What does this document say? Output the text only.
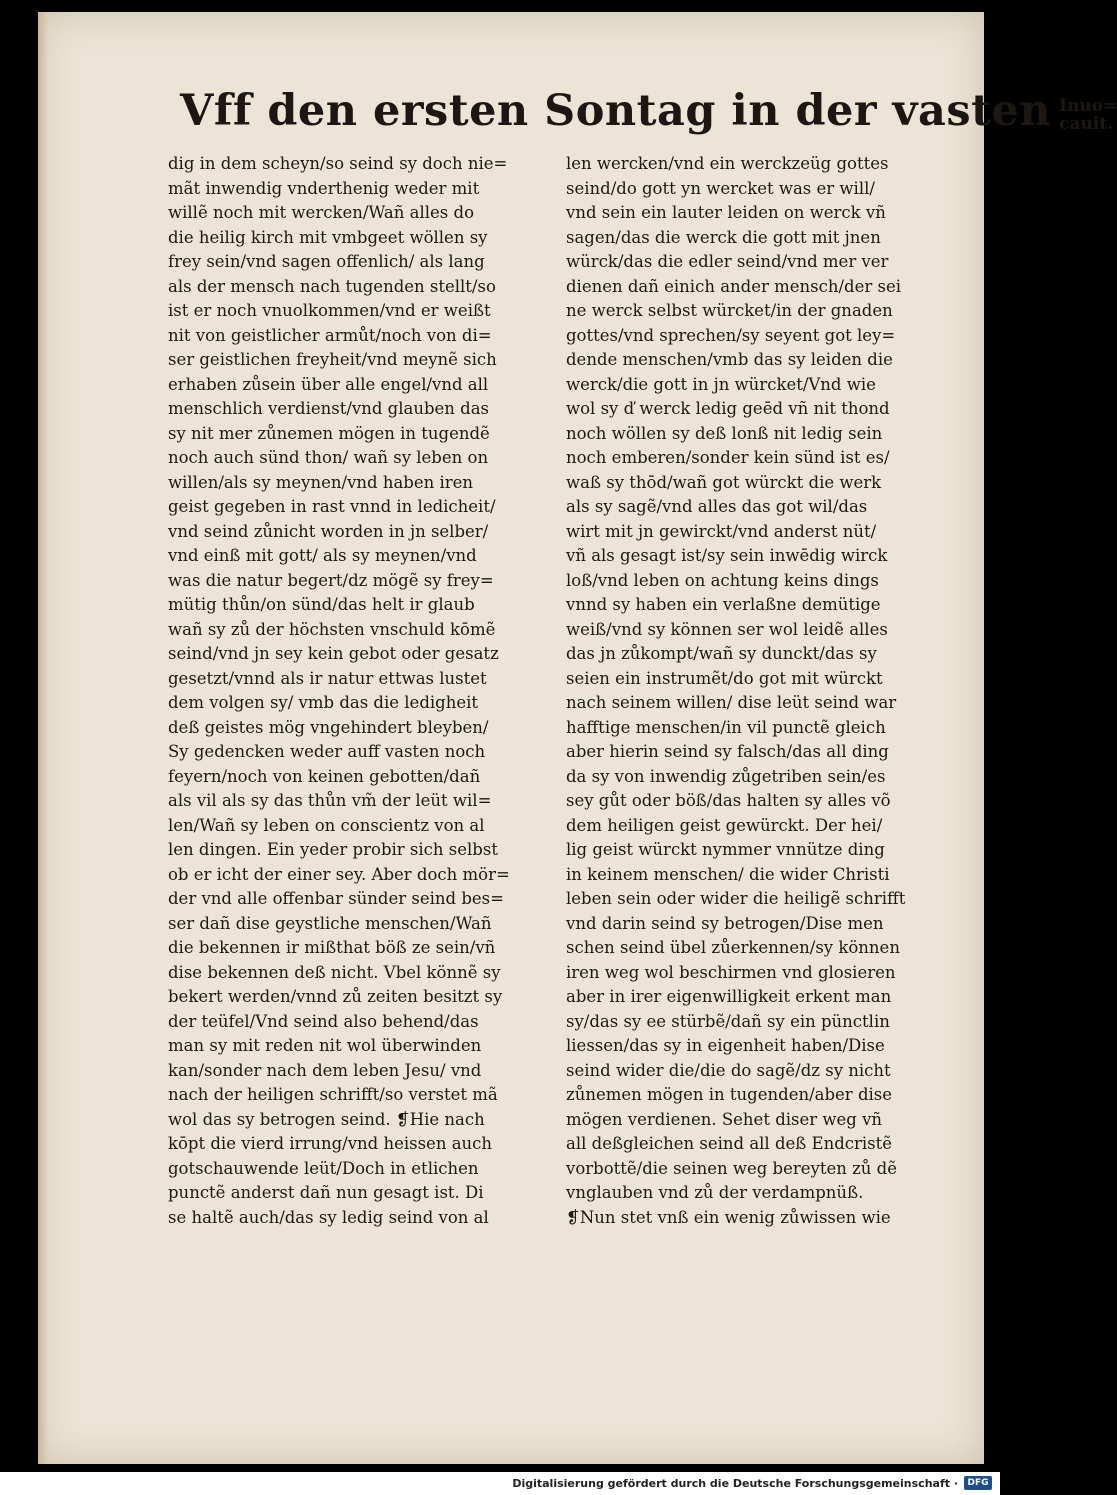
Vff den ersten Sontag in der vasten Inuo=
cauit.
dig in dem scheyn/so seind sy doch nie=
mãt inwendig vnderthenig weder mit
willẽ noch mit wercken/Wañ alles do
die heilig kirch mit vmbgeet wöllen sy
frey sein/vnd sagen offenlich/ als lang
als der mensch nach tugenden stellt/so
ist er noch vnuolkommen/vnd er weißt
nit von geistlicher armůt/noch von di=
ser geistlichen freyheit/vnd meynẽ sich
erhaben zůsein über alle engel/vnd all
menschlich verdienst/vnd glauben das
sy nit mer zůnemen mögen in tugendẽ
noch auch sünd thon/ wañ sy leben on
willen/als sy meynen/vnd haben iren
geist gegeben in rast vnnd in ledicheit/
vnd seind zůnicht worden in jn selber/
vnd einß mit gott/ als sy meynen/vnd
was die natur begert/dz mögẽ sy frey=
mütig thůn/on sünd/das helt ir glaub
wañ sy zů der höchsten vnschuld kōmẽ
seind/vnd jn sey kein gebot oder gesatz
gesetzt/vnnd als ir natur ettwas lustet
dem volgen sy/ vmb das die ledigheit
deß geistes mög vngehindert bleyben/
Sy gedencken weder auff vasten noch
feyern/noch von keinen gebotten/dañ
als vil als sy das thůn vm̃ der leüt wil=
len/Wañ sy leben on conscientz von al
len dingen. Ein yeder probir sich selbst
ob er icht der einer sey. Aber doch mör=
der vnd alle offenbar sünder seind bes=
ser dañ dise geystliche menschen/Wañ
die bekennen ir mißthat böß ze sein/vñ
dise bekennen deß nicht. Vbel könnẽ sy
bekert werden/vnnd zů zeiten besitzt sy
der teüfel/Vnd seind also behend/das
man sy mit reden nit wol überwinden
kan/sonder nach dem leben Jesu/ vnd
nach der heiligen schrifft/so verstet mã
wol das sy betrogen seind. ❡Hie nach
kōpt die vierd irrung/vnd heissen auch
gotschauwende leüt/Doch in etlichen
punctẽ anderst dañ nun gesagt ist. Di
se haltẽ auch/das sy ledig seind von al
len wercken/vnd ein werckzeüg gottes
seind/do gott yn wercket was er will/
vnd sein ein lauter leiden on werck vñ
sagen/das die werck die gott mit jnen
würck/das die edler seind/vnd mer ver
dienen dañ einich ander mensch/der sei
ne werck selbst würcket/in der gnaden
gottes/vnd sprechen/sy seyent got ley=
dende menschen/vmb das sy leiden die
werck/die gott in jn würcket/Vnd wie
wol sy ď werck ledig geēd vñ nit thond
noch wöllen sy deß lonß nit ledig sein
noch emberen/sonder kein sünd ist es/
waß sy thōd/wañ got würckt die werk
als sy sagẽ/vnd alles das got wil/das
wirt mit jn gewirckt/vnd anderst nüt/
vñ als gesagt ist/sy sein inwēdig wirck
loß/vnd leben on achtung keins dings
vnnd sy haben ein verlaßne demütige
weiß/vnd sy können ser wol leidẽ alles
das jn zůkompt/wañ sy dunckt/das sy
seien ein instrumẽt/do got mit würckt
nach seinem willen/ dise leüt seind war
hafftige menschen/in vil punctẽ gleich
aber hierin seind sy falsch/das all ding
da sy von inwendig zůgetriben sein/es
sey gůt oder böß/das halten sy alles võ
dem heiligen geist gewürckt. Der hei/
lig geist würckt nymmer vnnütze ding
in keinem menschen/ die wider Christi
leben sein oder wider die heiligẽ schrifft
vnd darin seind sy betrogen/Dise men
schen seind übel zůerkennen/sy können
iren weg wol beschirmen vnd glosieren
aber in irer eigenwilligkeit erkent man
sy/das sy ee stürbẽ/dañ sy ein pünctlin
liessen/das sy in eigenheit haben/Dise
seind wider die/die do sagẽ/dz sy nicht
zůnemen mögen in tugenden/aber dise
mögen verdienen. Sehet diser weg vñ
all deßgleichen seind all deß Endcristẽ
vorbottẽ/die seinen weg bereyten zů dẽ
vnglauben vnd zů der verdampnüß.
❡Nun stet vnß ein wenig zůwissen wie
Digitalisierung gefördert durch die Deutsche Forschungsgemeinschaft ·	DFG
